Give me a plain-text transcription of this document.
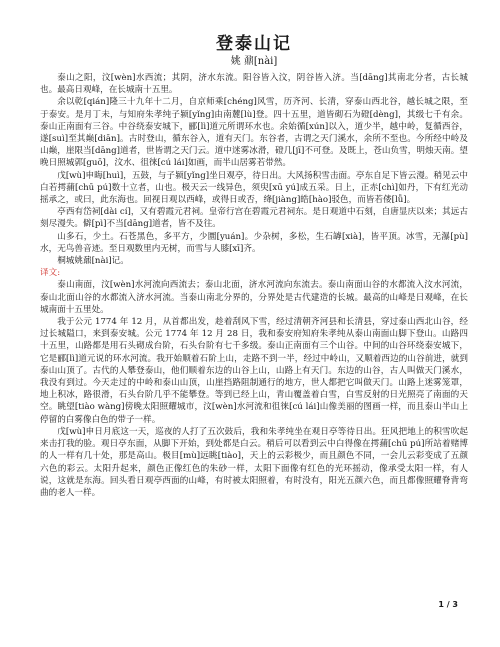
登泰山记
姚 鼐[nài]

泰山之阳，汶[wèn]水西流；其阴，济水东流。阳谷皆入汶，阴谷皆入济。当[dāng]其南北分者，古长城也。最高日观峰，在长城南十五里。

余以乾[qián]隆三十九年十二月，自京师乘[chéng]风雪，历齐河、长清，穿泰山西北谷，越长城之限，至于泰安。是月丁未，与知府朱孝纯子颍[yǐng]由南麓[lù]登。四十五里，道皆砌石为磴[dèng]，其级七千有余。泰山正南面有三谷。中谷绕泰安城下，郦[lì]道元所谓环水也。余始循[xún]以入，道少半，越中岭，复循西谷，遂[suì]至其巅[diān]。古时登山，循东谷入，道有天门。东谷者，古谓之天门溪水，余所不至也。今所经中岭及山巅，崖限当[dāng]道者，世皆谓之天门云。道中迷雾冰滑，磴几[jī]不可登。及既上，苍山负雪，明烛天南。望晚日照城郭[guō]，汶水、徂徕[cú lái]如画，而半山居雾若带然。

戊[wù]申晦[huì]，五鼓，与子颍[yǐng]坐日观亭，待日出。大风扬积雪击面。亭东自足下皆云漫。稍见云中白若摴蒱[chū pú]数十立者，山也。极天云一线异色，须臾[xū yú]成五采。日上，正赤[chì]如丹，下有红光动摇承之，或曰，此东海也。回视日观以西峰，或得日或否，绛[jiàng]皓[hào]驳色，而皆若偻[lǚ]。

亭西有岱祠[dài cí]，又有碧霞元君祠。皇帝行宫在碧霞元君祠东。是日观道中石刻，自唐显庆以来；其远古刻尽漫失。僻[pì]不当[dāng]道者，皆不及往。

山多石，少土。石苍黑色，多平方，少圜[yuán]。少杂树，多松，生石罅[xià]，皆平顶。冰雪，无瀑[pù]水，无鸟兽音迹。至日观数里内无树，而雪与人膝[xī]齐。

桐城姚鼐[nài]记。

译文:

泰山南面，汶[wèn]水河流向西流去；泰山北面，济水河流向东流去。泰山南面山谷的水都流入汶水河流，泰山北面山谷的水都流入济水河流。当泰山南北分界的，分界处是古代建造的长城。最高的山峰是日观峰，在长城南面十五里处。

我于公元 1774 年 12 月，从首都出发，趁着刮风下雪，经过清朝齐河县和长清县，穿过泰山西北山谷，经过长城隘口，来到泰安城。公元 1774 年 12 月 28 日，我和泰安府知府朱孝纯从泰山南面山脚下登山。山路四十五里，山路都是用石头砌成台阶，石头台阶有七千多级。泰山正南面有三个山谷。中间的山谷环绕泰安城下，它是郦[lì]道元说的环水河流。我开始顺着石阶上山，走路不到一半，经过中岭山，又顺着西边的山谷前进，就到泰山山顶了。古代的人攀登泰山，他们顺着东边的山谷上山，山路上有天门。东边的山谷，古人叫做天门溪水，我没有到过。今天走过的中岭和泰山山顶，山崖挡路阻制通行的地方，世人都把它叫做天门。山路上迷雾笼罩，地上积冰，路很滑，石头台阶几乎不能攀登。等到已经上山，青山覆盖着白雪，白雪反射的日光照亮了南面的天空。眺望[tiào wàng]傍晚太阳照耀城市，汶[wèn]水河流和徂徕[cú lái]山像美丽的图画一样，而且泰山半山上停留的白雾像白色的带子一样。

戊[wù]申日月底这一天，巡夜的人打了五次鼓后，我和朱孝纯坐在观日亭等待日出。狂风把地上的积雪吹起来击打我的脸。观日亭东面，从脚下开始，到处都是白云。稍后可以看到云中白得像在摴蒱[chū pú]所站着赌博的人一样有几十处，那是高山。极目[mù]远眺[tiào]，天上的云彩极少，而且颜色不同，一会儿云彩变成了五颜六色的彩云。太阳升起来，颜色正像红色的朱砂一样，太阳下面像有红色的光环摇动，像承受太阳一样，有人说，这就是东海。回头看日观亭西面的山峰，有时被太阳照着，有时没有，阳光五颜六色，而且都像照耀脊背弯曲的老人一样。

1 / 3
